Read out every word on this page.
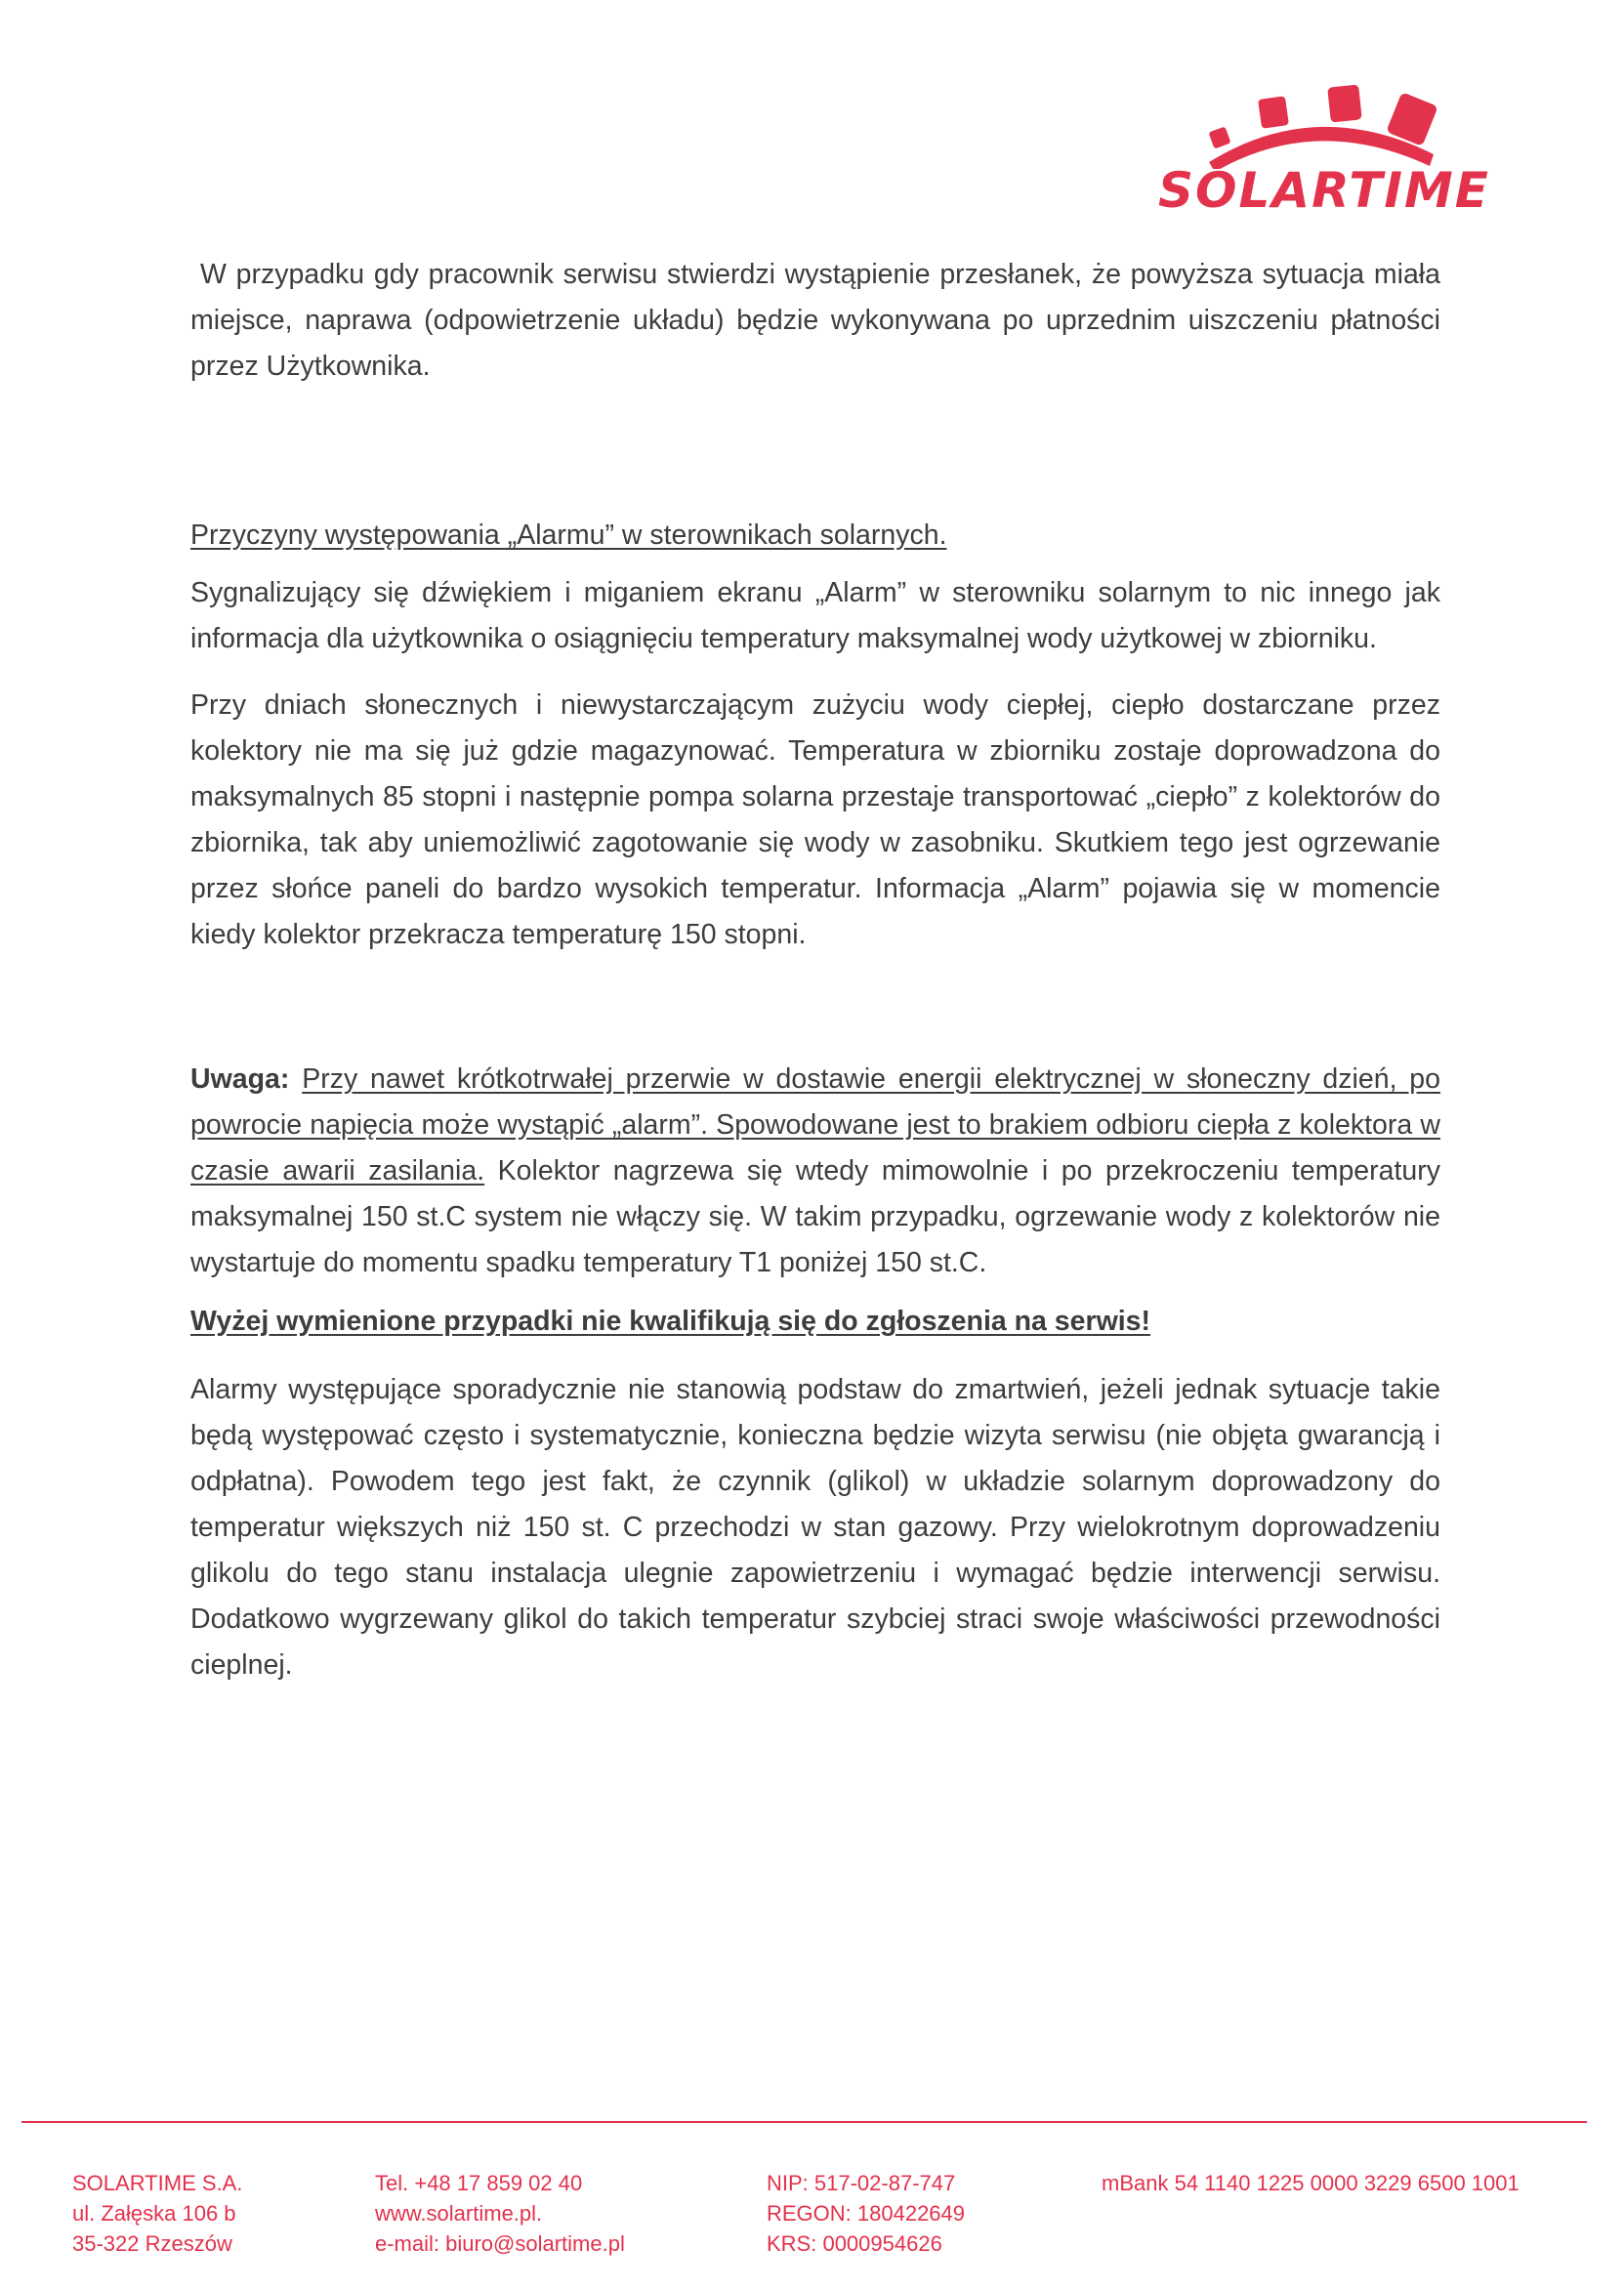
SOLARTIME

W przypadku gdy pracownik serwisu stwierdzi wystąpienie przesłanek, że powyższa sytuacja miała miejsce, naprawa (odpowietrzenie układu) będzie wykonywana po uprzednim uiszczeniu płatności przez Użytkownika.

Przyczyny występowania „Alarmu” w sterownikach solarnych.

Sygnalizujący się dźwiękiem i miganiem ekranu „Alarm” w sterowniku solarnym to nic innego jak informacja dla użytkownika o osiągnięciu temperatury maksymalnej wody użytkowej w zbiorniku.

Przy dniach słonecznych i niewystarczającym zużyciu wody ciepłej, ciepło dostarczane przez kolektory nie ma się już gdzie magazynować. Temperatura w zbiorniku zostaje doprowadzona do maksymalnych 85 stopni i następnie pompa solarna przestaje transportować „ciepło” z kolektorów do zbiornika, tak aby uniemożliwić zagotowanie się wody w zasobniku. Skutkiem tego jest ogrzewanie przez słońce paneli do bardzo wysokich temperatur. Informacja „Alarm” pojawia się w momencie kiedy kolektor przekracza temperaturę 150 stopni.

Uwaga: Przy nawet krótkotrwałej przerwie w dostawie energii elektrycznej w słoneczny dzień, po powrocie napięcia może wystąpić „alarm”. Spowodowane jest to brakiem odbioru ciepła z kolektora w czasie awarii zasilania. Kolektor nagrzewa się wtedy mimowolnie i po przekroczeniu temperatury maksymalnej 150 st.C system nie włączy się. W takim przypadku, ogrzewanie wody z kolektorów nie wystartuje do momentu spadku temperatury T1 poniżej 150 st.C.

Wyżej wymienione przypadki nie kwalifikują się do zgłoszenia na serwis!

Alarmy występujące sporadycznie nie stanowią podstaw do zmartwień, jeżeli jednak sytuacje takie będą występować często i systematycznie, konieczna będzie wizyta serwisu (nie objęta gwarancją i odpłatna). Powodem tego jest fakt, że czynnik (glikol) w układzie solarnym doprowadzony do temperatur większych niż 150 st. C przechodzi w stan gazowy. Przy wielokrotnym doprowadzeniu glikolu do tego stanu instalacja ulegnie zapowietrzeniu i wymagać będzie interwencji serwisu. Dodatkowo wygrzewany glikol do takich temperatur szybciej straci swoje właściwości przewodności cieplnej.

SOLARTIME S.A.
ul. Załęska 106 b
35-322 Rzeszów
Tel. +48 17 859 02 40
www.solartime.pl.
e-mail: biuro@solartime.pl
NIP: 517-02-87-747
REGON: 180422649
KRS: 0000954626
mBank 54 1140 1225 0000 3229 6500 1001
